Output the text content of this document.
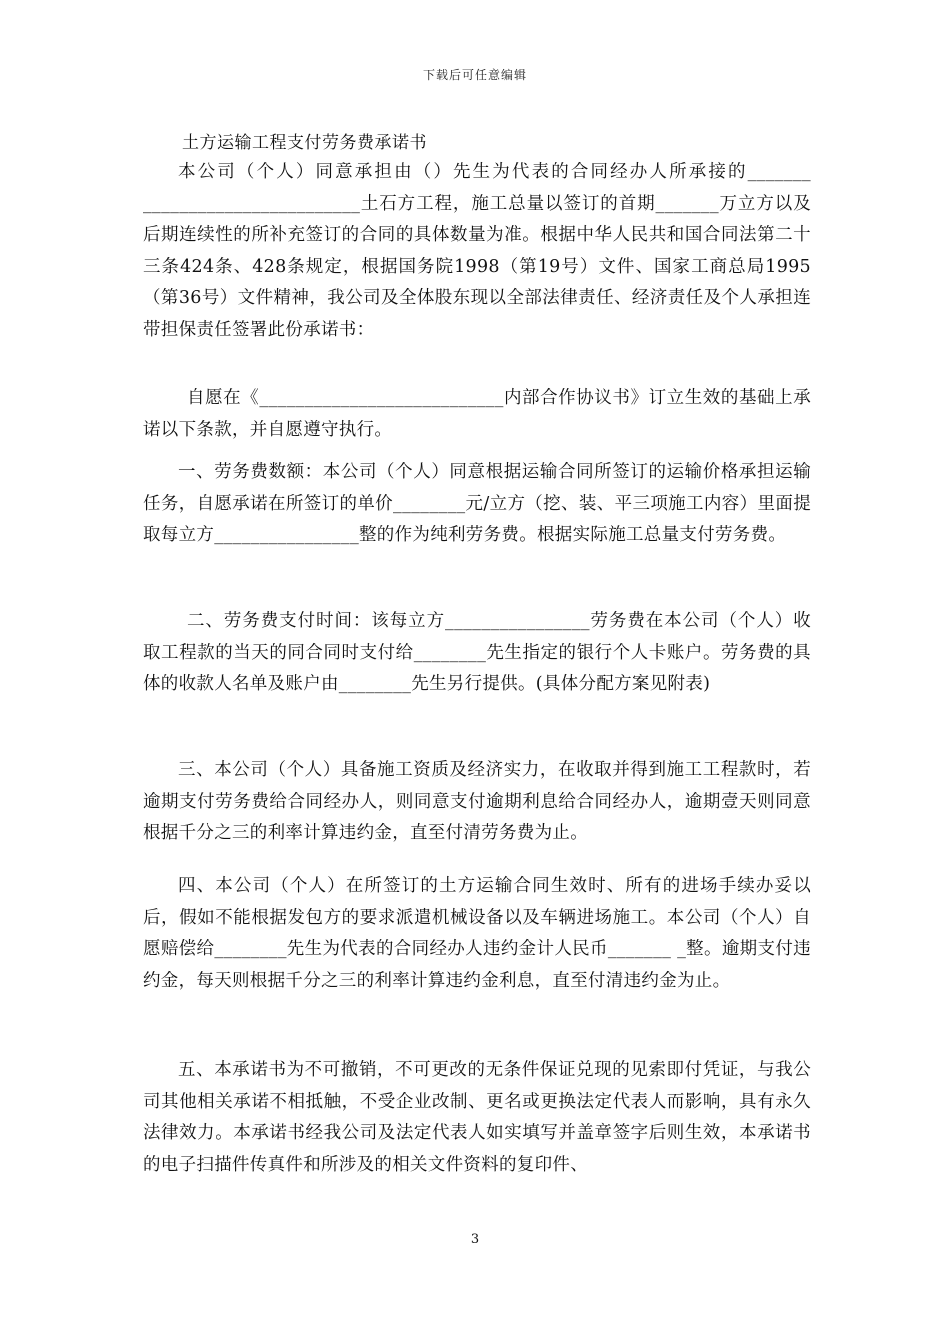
下载后可任意编辑
土方运输工程支付劳务费承诺书

本公司（个人）同意承担由（）先生为代表的合同经办人所承接的_______ ________________________土石方工程，施工总量以签订的首期_______万立方以及后期连续性的所补充签订的合同的具体数量为准。根据中华人民共和国合同法第二十三条424条、428条规定，根据国务院1998（第19号）文件、国家工商总局1995（第36号）文件精神，我公司及全体股东现以全部法律责任、经济责任及个人承担连带担保责任签署此份承诺书：

自愿在《___________________________内部合作协议书》订立生效的基础上承诺以下条款，并自愿遵守执行。

一、劳务费数额：本公司（个人）同意根据运输合同所签订的运输价格承担运输任务，自愿承诺在所签订的单价________元/立方（挖、装、平三项施工内容）里面提取每立方________________整的作为纯利劳务费。根据实际施工总量支付劳务费。

二、劳务费支付时间：该每立方________________劳务费在本公司（个人）收取工程款的当天的同合同时支付给________先生指定的银行个人卡账户。劳务费的具体的收款人名单及账户由________先生另行提供。(具体分配方案见附表)

三、本公司（个人）具备施工资质及经济实力，在收取并得到施工工程款时，若逾期支付劳务费给合同经办人，则同意支付逾期利息给合同经办人，逾期壹天则同意根据千分之三的利率计算违约金，直至付清劳务费为止。

四、本公司（个人）在所签订的土方运输合同生效时、所有的进场手续办妥以后，假如不能根据发包方的要求派遣机械设备以及车辆进场施工。本公司（个人）自愿赔偿给________先生为代表的合同经办人违约金计人民币_______ _整。逾期支付违约金，每天则根据千分之三的利率计算违约金利息，直至付清违约金为止。

五、本承诺书为不可撤销，不可更改的无条件保证兑现的见索即付凭证，与我公司其他相关承诺不相抵触，不受企业改制、更名或更换法定代表人而影响，具有永久法律效力。本承诺书经我公司及法定代表人如实填写并盖章签字后则生效，本承诺书的电子扫描件传真件和所涉及的相关文件资料的复印件、

3
